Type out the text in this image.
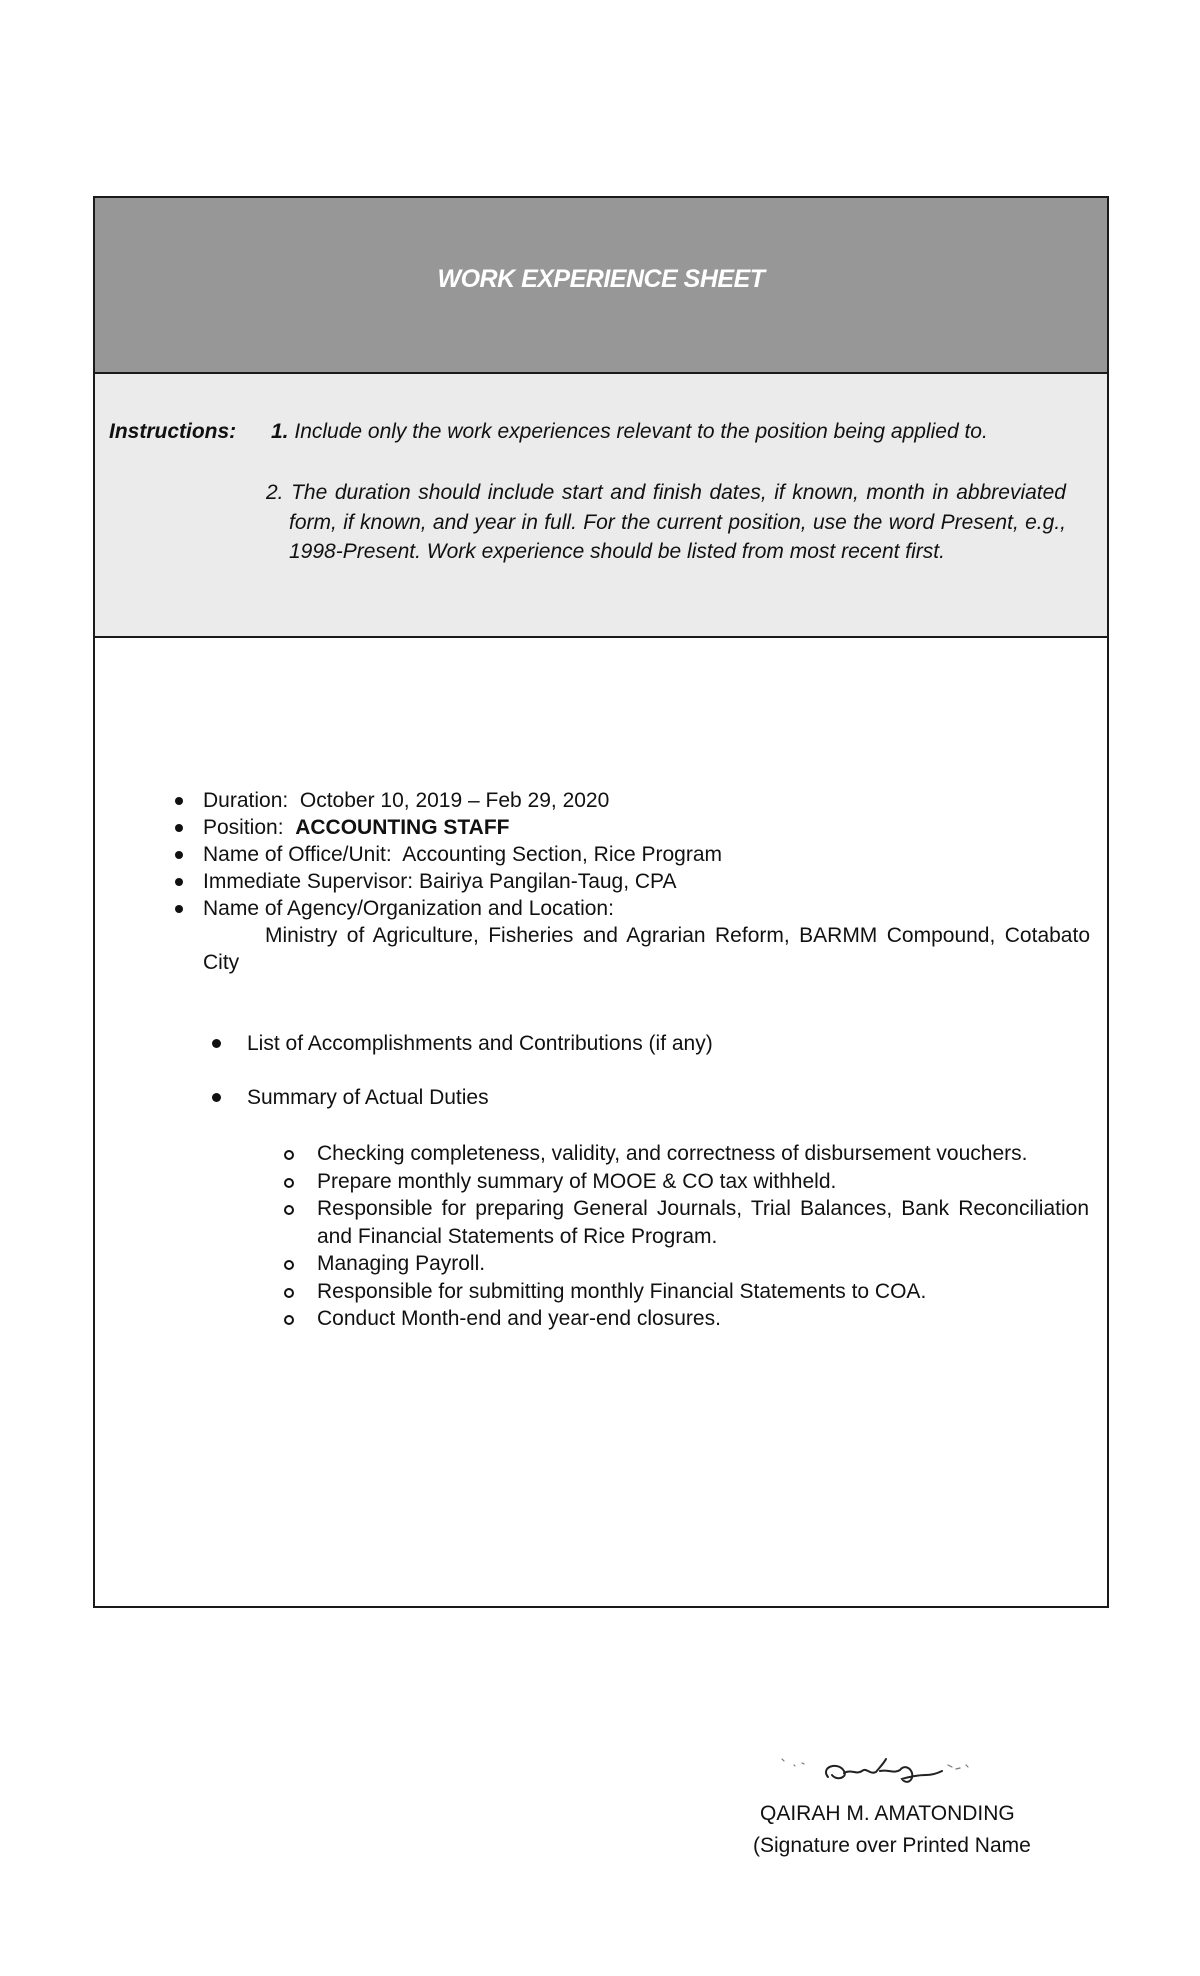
WORK EXPERIENCE SHEET
Instructions: 1. Include only the work experiences relevant to the position being applied to.
2. The duration should include start and finish dates, if known, month in abbreviated form, if known, and year in full. For the current position, use the word Present, e.g., 1998-Present. Work experience should be listed from most recent first.
Duration: October 10, 2019 – Feb 29, 2020
Position: ACCOUNTING STAFF
Name of Office/Unit: Accounting Section, Rice Program
Immediate Supervisor: Bairiya Pangilan-Taug, CPA
Name of Agency/Organization and Location:
Ministry of Agriculture, Fisheries and Agrarian Reform, BARMM Compound, Cotabato City
List of Accomplishments and Contributions (if any)
Summary of Actual Duties
Checking completeness, validity, and correctness of disbursement vouchers.
Prepare monthly summary of MOOE & CO tax withheld.
Responsible for preparing General Journals, Trial Balances, Bank Reconciliation and Financial Statements of Rice Program.
Managing Payroll.
Responsible for submitting monthly Financial Statements to COA.
Conduct Month-end and year-end closures.
QAIRAH M. AMATONDING
(Signature over Printed Name
